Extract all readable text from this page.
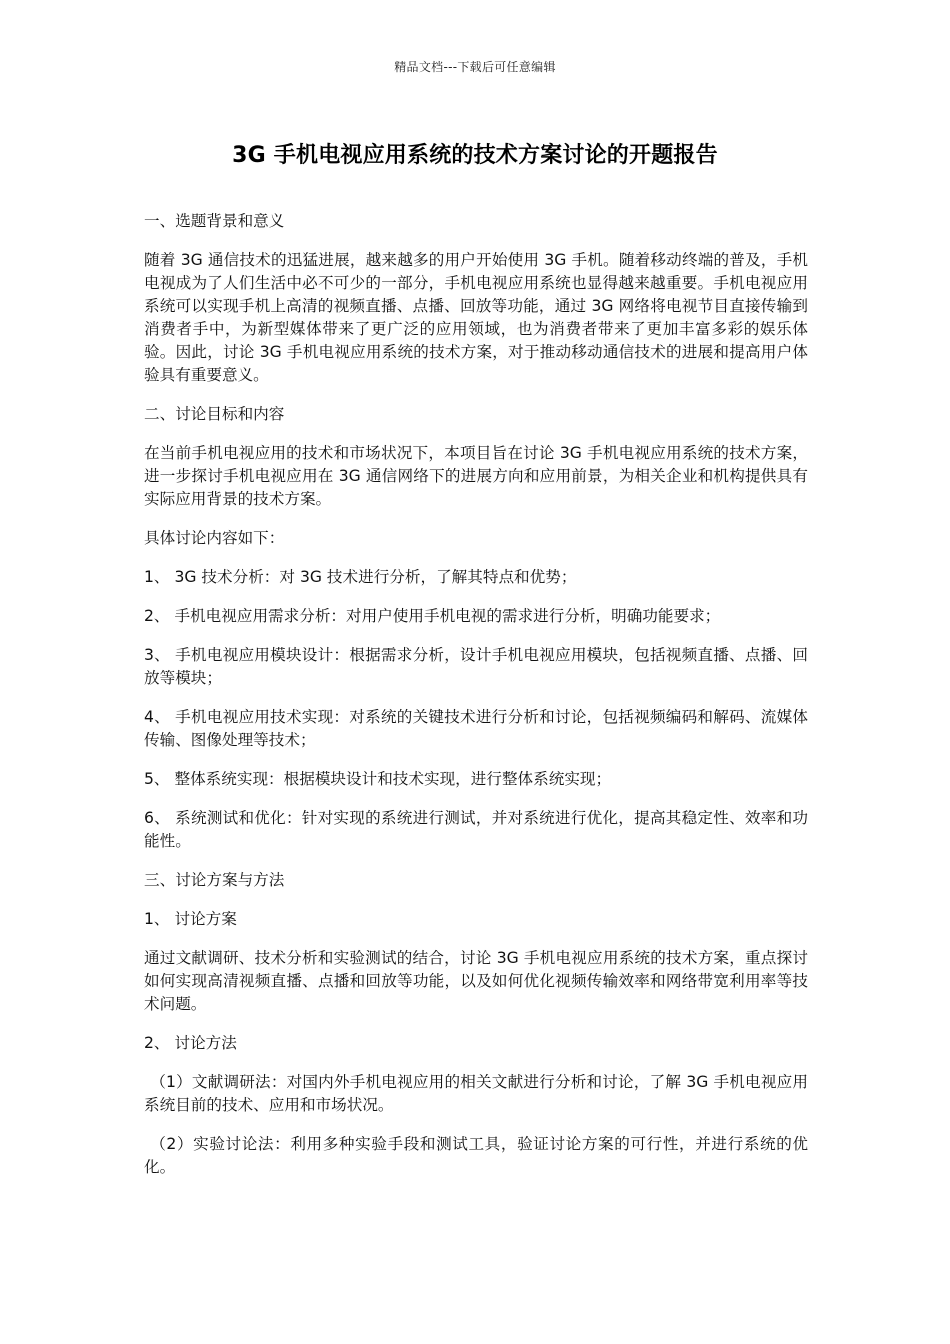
精品文档---下载后可任意编辑
3G 手机电视应用系统的技术方案讨论的开题报告

一、选题背景和意义

随着 3G 通信技术的迅猛进展，越来越多的用户开始使用 3G 手机。随着移动终端的普及，手机电视成为了人们生活中必不可少的一部分，手机电视应用系统也显得越来越重要。手机电视应用系统可以实现手机上高清的视频直播、点播、回放等功能，通过 3G 网络将电视节目直接传输到消费者手中，为新型媒体带来了更广泛的应用领域，也为消费者带来了更加丰富多彩的娱乐体验。因此，讨论 3G 手机电视应用系统的技术方案，对于推动移动通信技术的进展和提高用户体验具有重要意义。

二、讨论目标和内容

在当前手机电视应用的技术和市场状况下，本项目旨在讨论 3G 手机电视应用系统的技术方案，进一步探讨手机电视应用在 3G 通信网络下的进展方向和应用前景，为相关企业和机构提供具有实际应用背景的技术方案。

具体讨论内容如下：

1、 3G 技术分析：对 3G 技术进行分析，了解其特点和优势；

2、 手机电视应用需求分析：对用户使用手机电视的需求进行分析，明确功能要求；

3、 手机电视应用模块设计：根据需求分析，设计手机电视应用模块，包括视频直播、点播、回放等模块；

4、 手机电视应用技术实现：对系统的关键技术进行分析和讨论，包括视频编码和解码、流媒体传输、图像处理等技术；

5、 整体系统实现：根据模块设计和技术实现，进行整体系统实现；

6、 系统测试和优化：针对实现的系统进行测试，并对系统进行优化，提高其稳定性、效率和功能性。

三、讨论方案与方法

1、 讨论方案

通过文献调研、技术分析和实验测试的结合，讨论 3G 手机电视应用系统的技术方案，重点探讨如何实现高清视频直播、点播和回放等功能，以及如何优化视频传输效率和网络带宽利用率等技术问题。

2、 讨论方法

（1）文献调研法：对国内外手机电视应用的相关文献进行分析和讨论，了解 3G 手机电视应用系统目前的技术、应用和市场状况。

（2）实验讨论法：利用多种实验手段和测试工具，验证讨论方案的可行性，并进行系统的优化。
